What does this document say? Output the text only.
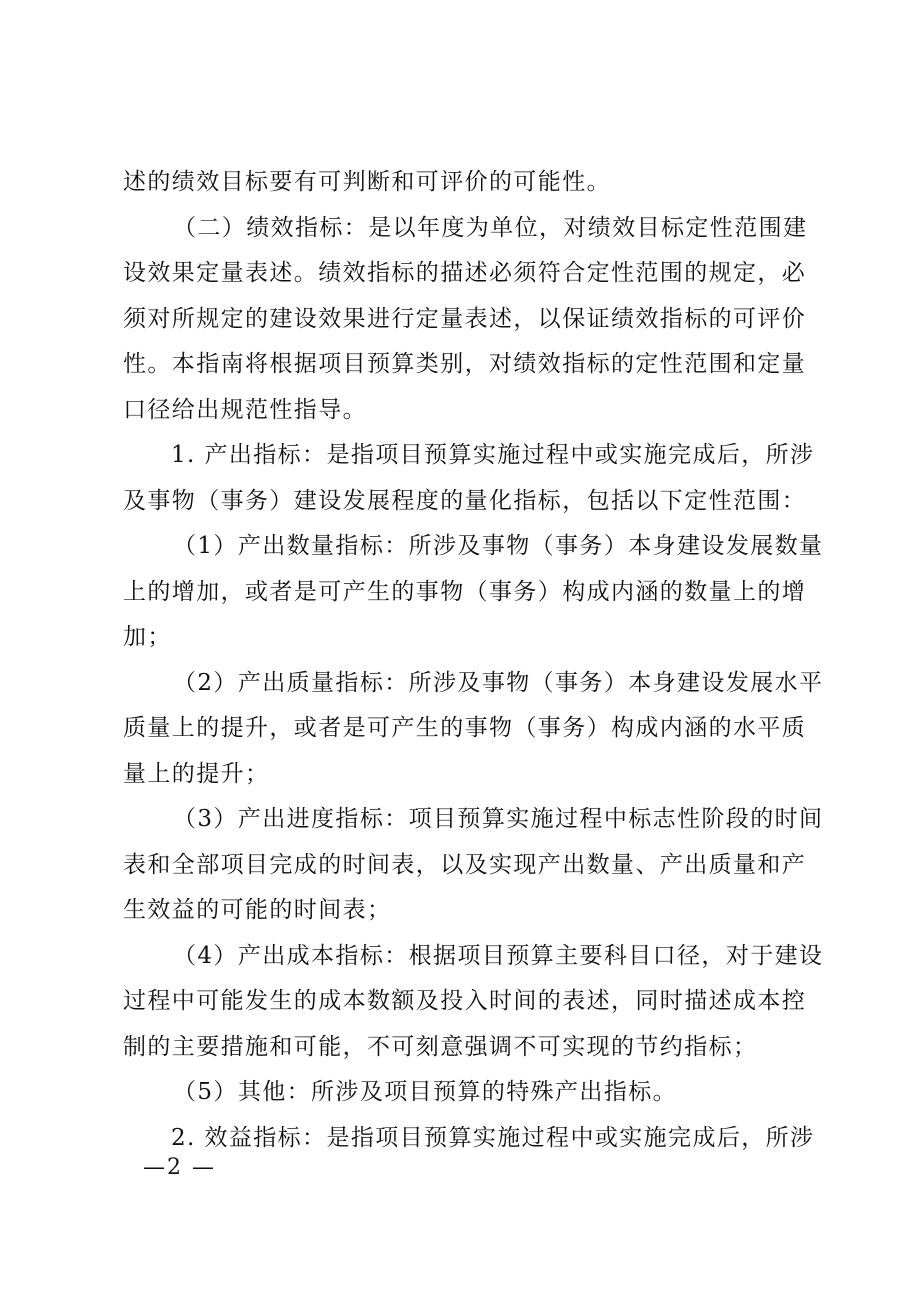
述的绩效目标要有可判断和可评价的可能性。
（二）绩效指标：是以年度为单位，对绩效目标定性范围建
设效果定量表述。绩效指标的描述必须符合定性范围的规定，必
须对所规定的建设效果进行定量表述，以保证绩效指标的可评价
性。本指南将根据项目预算类别，对绩效指标的定性范围和定量
口径给出规范性指导。
1. 产出指标：是指项目预算实施过程中或实施完成后，所涉
及事物（事务）建设发展程度的量化指标，包括以下定性范围：
（1）产出数量指标：所涉及事物（事务）本身建设发展数量
上的增加，或者是可产生的事物（事务）构成内涵的数量上的增
加；
（2）产出质量指标：所涉及事物（事务）本身建设发展水平
质量上的提升，或者是可产生的事物（事务）构成内涵的水平质
量上的提升；
（3）产出进度指标：项目预算实施过程中标志性阶段的时间
表和全部项目完成的时间表，以及实现产出数量、产出质量和产
生效益的可能的时间表；
（4）产出成本指标：根据项目预算主要科目口径，对于建设
过程中可能发生的成本数额及投入时间的表述，同时描述成本控
制的主要措施和可能，不可刻意强调不可实现的节约指标；
（5）其他：所涉及项目预算的特殊产出指标。
2. 效益指标：是指项目预算实施过程中或实施完成后，所涉
—2 —
